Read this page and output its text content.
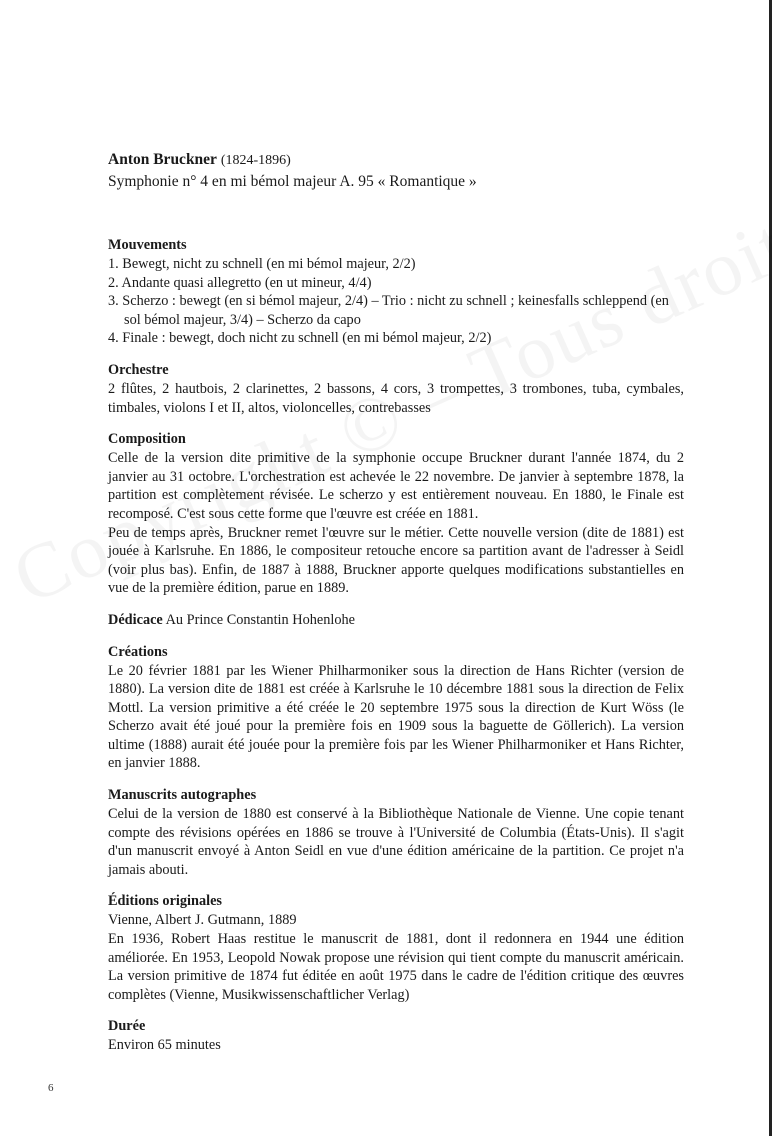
Anton Bruckner (1824-1896)
Symphonie n° 4 en mi bémol majeur A. 95 « Romantique »
Mouvements
1. Bewegt, nicht zu schnell (en mi bémol majeur, 2/2)
2. Andante quasi allegretto (en ut mineur, 4/4)
3. Scherzo : bewegt (en si bémol majeur, 2/4) – Trio : nicht zu schnell ; keinesfalls schleppend (en sol bémol majeur, 3/4) – Scherzo da capo
4. Finale : bewegt, doch nicht zu schnell (en mi bémol majeur, 2/2)
Orchestre

2 flûtes, 2 hautbois, 2 clarinettes, 2 bassons, 4 cors, 3 trompettes, 3 trombones, tuba, cymbales, timbales, violons I et II, altos, violoncelles, contrebasses

Composition

Celle de la version dite primitive de la symphonie occupe Bruckner durant l'année 1874, du 2 janvier au 31 octobre. L'orchestration est achevée le 22 novembre. De janvier à septembre 1878, la partition est complètement révisée. Le scherzo y est entièrement nouveau. En 1880, le Finale est recomposé. C'est sous cette forme que l'œuvre est créée en 1881.

Peu de temps après, Bruckner remet l'œuvre sur le métier. Cette nouvelle version (dite de 1881) est jouée à Karlsruhe. En 1886, le compositeur retouche encore sa partition avant de l'adresser à Seidl (voir plus bas). Enfin, de 1887 à 1888, Bruckner apporte quelques modifications substantielles en vue de la première édition, parue en 1889.

Dédicace Au Prince Constantin Hohenlohe

Créations

Le 20 février 1881 par les Wiener Philharmoniker sous la direction de Hans Richter (version de 1880). La version dite de 1881 est créée à Karlsruhe le 10 décembre 1881 sous la direction de Felix Mottl. La version primitive a été créée le 20 septembre 1975 sous la direction de Kurt Wöss (le Scherzo avait été joué pour la première fois en 1909 sous la baguette de Göllerich). La version ultime (1888) aurait été jouée pour la première fois par les Wiener Philharmoniker et Hans Richter, en janvier 1888.

Manuscrits autographes

Celui de la version de 1880 est conservé à la Bibliothèque Nationale de Vienne. Une copie tenant compte des révisions opérées en 1886 se trouve à l'Université de Columbia (États-Unis). Il s'agit d'un manuscrit envoyé à Anton Seidl en vue d'une édition américaine de la partition. Ce projet n'a jamais abouti.

Éditions originales

Vienne, Albert J. Gutmann, 1889

En 1936, Robert Haas restitue le manuscrit de 1881, dont il redonnera en 1944 une édition améliorée. En 1953, Leopold Nowak propose une révision qui tient compte du manuscrit américain. La version primitive de 1874 fut éditée en août 1975 dans le cadre de l'édition critique des œuvres complètes (Vienne, Musikwissenschaftlicher Verlag)

Durée

Environ 65 minutes

6
